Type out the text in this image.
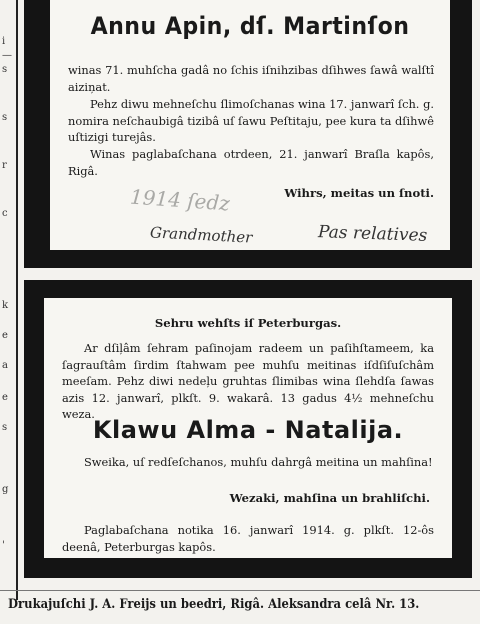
i
—
s
s
r
c
k
e
a
e
s
g
'
Annu Apin, dſ. Martinſon
winas 71. muhſcha gadâ no ſchis iſnihzibas dſihwes ſawâ walſtî aiziņat.
Pehz diwu mehneſchu ſlimoſchanas wina 17. janwarî ſch. g. nomira neſchaubigâ tizibâ uſ ſawu Peſtitaju, pee kura ta dſihwê uſtizigi turejâs.
Winas paglabaſchana otrdeen, 21. janwarî Braſla kapôs, Rigâ.
Wihrs, meitas un ſnoti.
1914 ſedz
Grandmother	Pas relatives
Sehru wehſts iſ Peterburgas.
Ar dſiļâm ſehram paſinojam radeem un paſihſtameem, ka ſagrauſtâm ſirdim ſtahwam pee muhſu meitinas iſdſiſuſchâm meeſam. Pehz diwi nedeļu gruhtas ſlimibas wina ſlehdſa ſawas azis 12. janwarî, plkſt. 9. wakarâ. 13 gadus 4½ mehneſchu weza.
Klawu Alma - Natalija.
Sweika, uſ redſeſchanos, muhſu dahrgâ meitina un mahſina!
Wezaki, mahſina un brahliſchi.
Paglabaſchana notika 16. janwarî 1914. g. plkſt. 12-ôs deenâ, Peterburgas kapôs.
Drukajuſchi J. A. Freijs un beedri, Rigâ. Aleksandra celâ Nr. 13.
